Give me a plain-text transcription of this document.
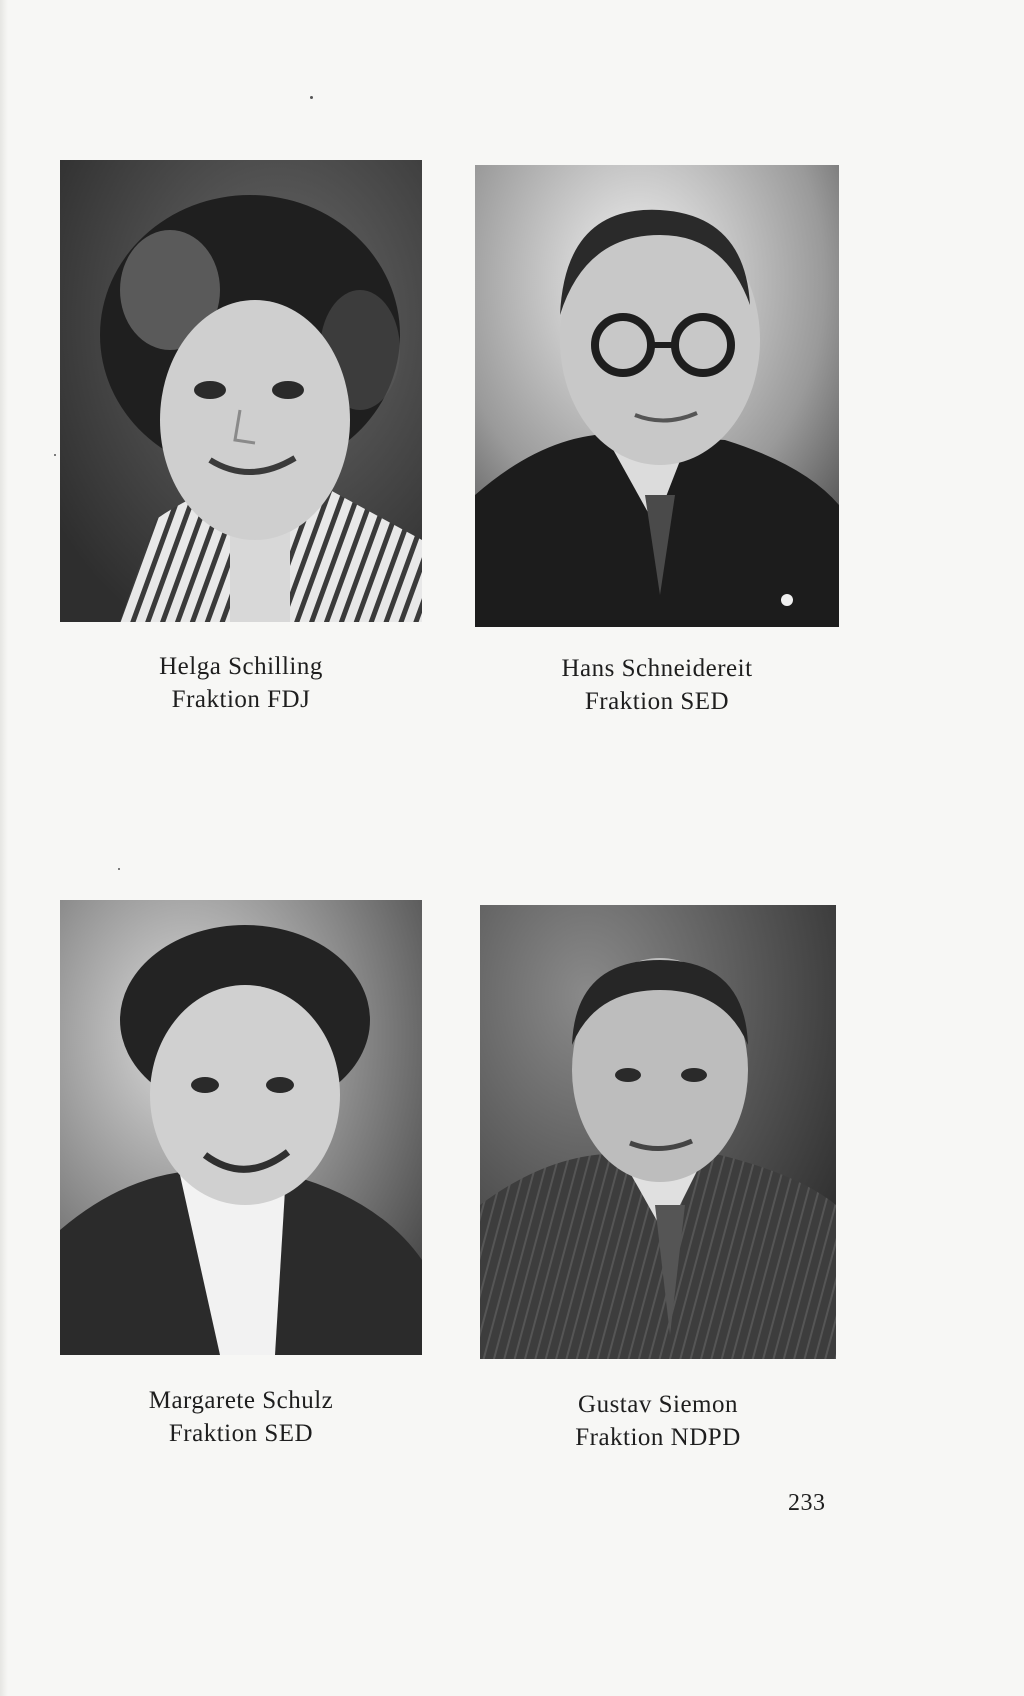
Helga Schilling
Fraktion FDJ
Hans Schneidereit
Fraktion SED
Margarete Schulz
Fraktion SED
Gustav Siemon
Fraktion NDPD
233
